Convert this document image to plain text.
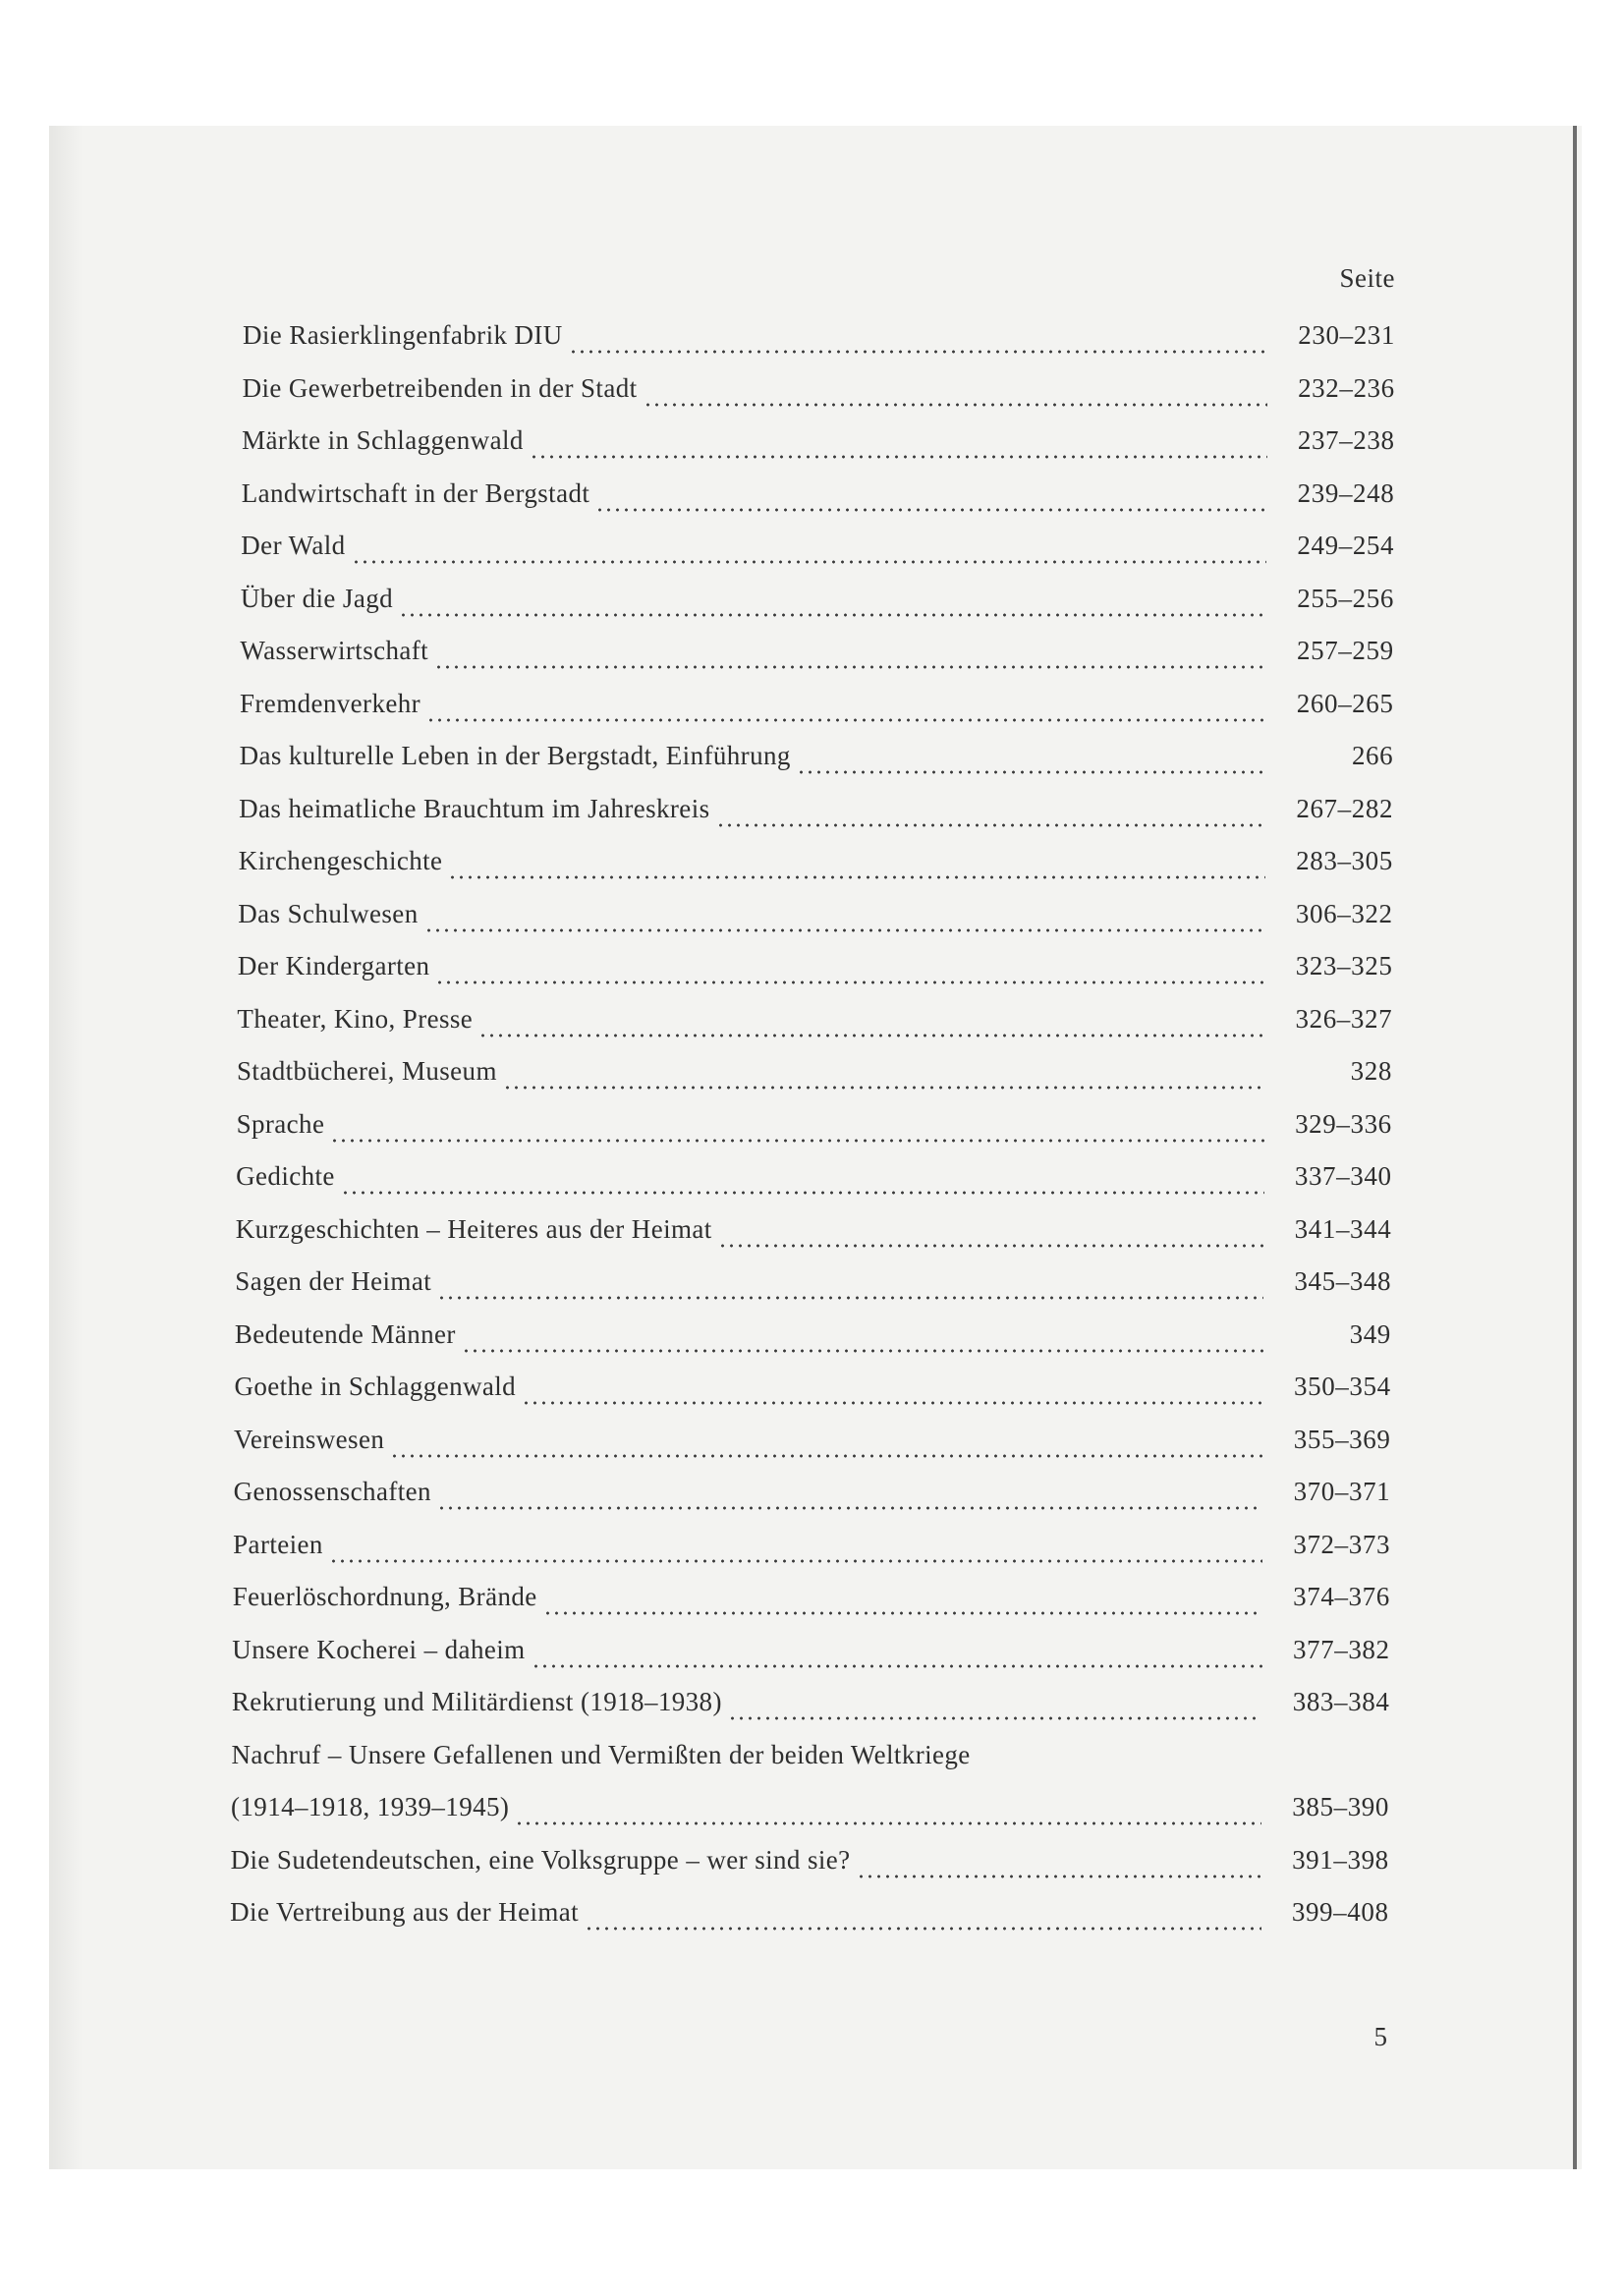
Seite
Die Rasierklingenfabrik DIU	230–231
Die Gewerbetreibenden in der Stadt	232–236
Märkte in Schlaggenwald	237–238
Landwirtschaft in der Bergstadt	239–248
Der Wald	249–254
Über die Jagd	255–256
Wasserwirtschaft	257–259
Fremdenverkehr	260–265
Das kulturelle Leben in der Bergstadt, Einführung	266
Das heimatliche Brauchtum im Jahreskreis	267–282
Kirchengeschichte	283–305
Das Schulwesen	306–322
Der Kindergarten	323–325
Theater, Kino, Presse	326–327
Stadtbücherei, Museum	328
Sprache	329–336
Gedichte	337–340
Kurzgeschichten – Heiteres aus der Heimat	341–344
Sagen der Heimat	345–348
Bedeutende Männer	349
Goethe in Schlaggenwald	350–354
Vereinswesen	355–369
Genossenschaften	370–371
Parteien	372–373
Feuerlöschordnung, Brände	374–376
Unsere Kocherei – daheim	377–382
Rekrutierung und Militärdienst (1918–1938)	383–384
Nachruf – Unsere Gefallenen und Vermißten der beiden Weltkriege
(1914–1918, 1939–1945)	385–390
Die Sudetendeutschen, eine Volksgruppe – wer sind sie?	391–398
Die Vertreibung aus der Heimat	399–408
5
